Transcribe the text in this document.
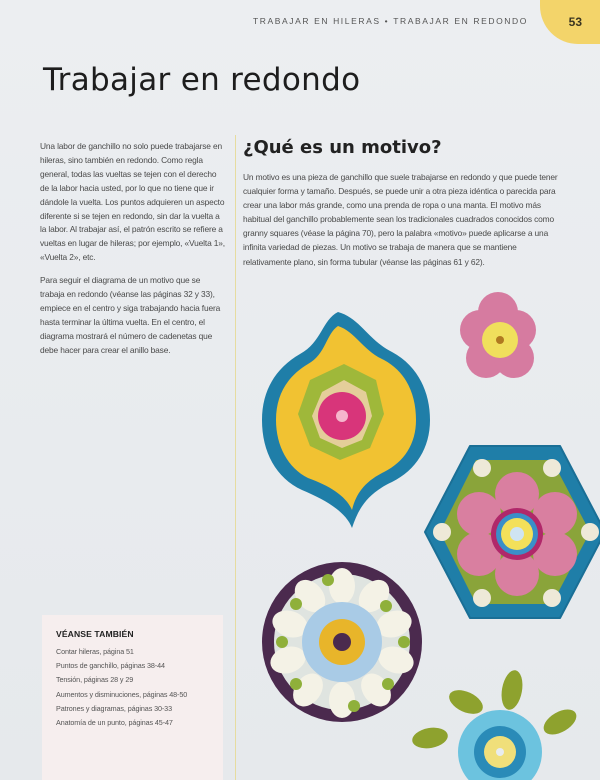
53
TRABAJAR EN HILERAS • TRABAJAR EN REDONDO
Trabajar en redondo

Una labor de ganchillo no solo puede trabajarse en hileras, sino también en redondo. Como regla general, todas las vueltas se tejen con el derecho de la labor hacia usted, por lo que no tiene que ir dándole la vuelta. Los puntos adquieren un aspecto diferente si se tejen en redondo, sin dar la vuelta a la labor. Al trabajar así, el patrón escrito se refiere a vueltas en lugar de hileras; por ejemplo, «Vuelta 1», «Vuelta 2», etc.

Para seguir el diagrama de un motivo que se trabaja en redondo (véanse las páginas 32 y 33), empiece en el centro y siga trabajando hacia fuera hasta terminar la última vuelta. En el centro, el diagrama mostrará el número de cadenetas que debe hacer para crear el anillo base.

¿Qué es un motivo?

Un motivo es una pieza de ganchillo que suele trabajarse en redondo y que puede tener cualquier forma y tamaño. Después, se puede unir a otra pieza idéntica o parecida para crear una labor más grande, como una prenda de ropa o una manta. El motivo más habitual del ganchillo probablemente sean los tradicionales cuadrados conocidos como granny squares (véase la página 70), pero la palabra «motivo» puede aplicarse a una infinita variedad de piezas. Un motivo se trabaja de manera que se mantiene relativamente plano, sin forma tubular (véanse las páginas 61 y 62).

VÉANSE TAMBIÉN
Contar hileras, página 51
Puntos de ganchillo, páginas 38-44
Tensión, páginas 28 y 29
Aumentos y disminuciones, páginas 48-50
Patrones y diagramas, páginas 30-33
Anatomía de un punto, páginas 45-47
